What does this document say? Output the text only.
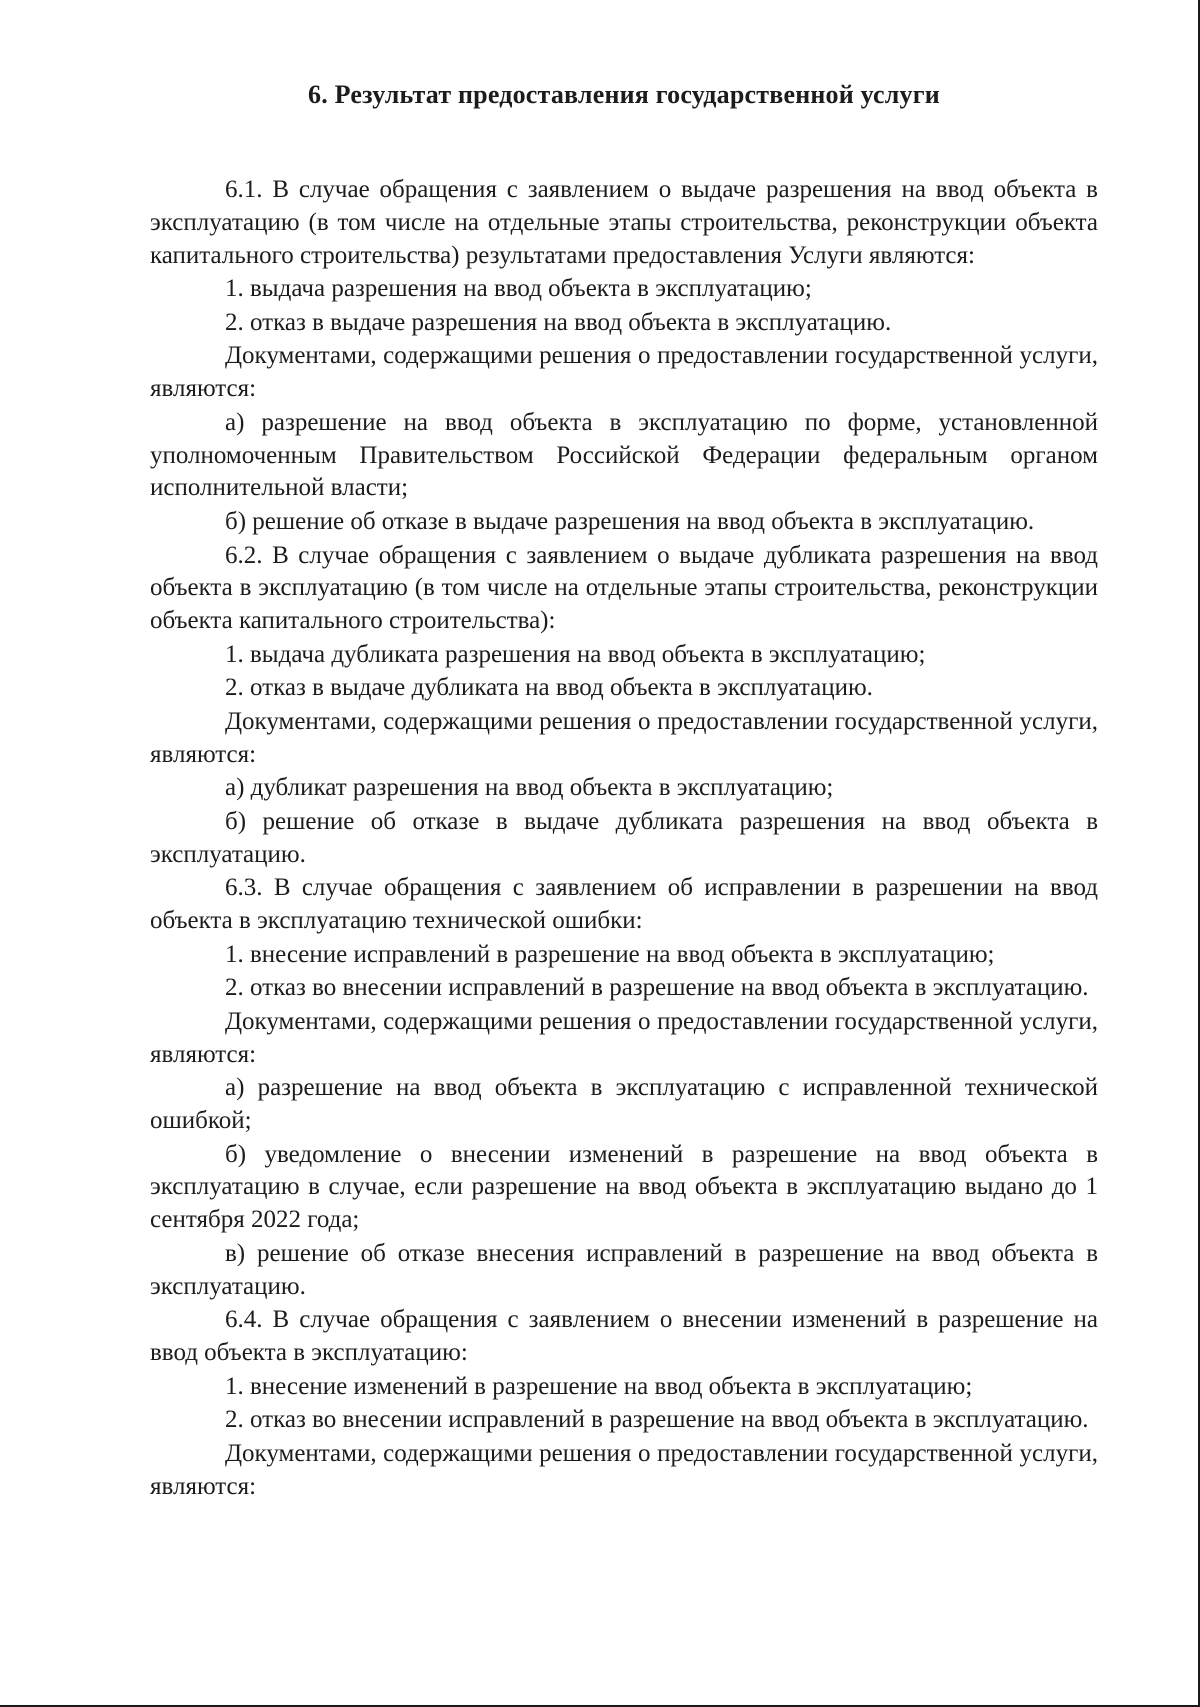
6. Результат предоставления государственной услуги

6.1. В случае обращения с заявлением о выдаче разрешения на ввод объекта в эксплуатацию (в том числе на отдельные этапы строительства, реконструкции объекта капитального строительства) результатами предоставления Услуги являются:

1. выдача разрешения на ввод объекта в эксплуатацию;

2. отказ в выдаче разрешения на ввод объекта в эксплуатацию.

Документами, содержащими решения о предоставлении государственной услуги, являются:

а) разрешение на ввод объекта в эксплуатацию по форме, установленной уполномоченным Правительством Российской Федерации федеральным органом исполнительной власти;

б) решение об отказе в выдаче разрешения на ввод объекта в эксплуатацию.

6.2. В случае обращения с заявлением о выдаче дубликата разрешения на ввод объекта в эксплуатацию (в том числе на отдельные этапы строительства, реконструкции объекта капитального строительства):

1. выдача дубликата разрешения на ввод объекта в эксплуатацию;

2. отказ в выдаче дубликата на ввод объекта в эксплуатацию.

Документами, содержащими решения о предоставлении государственной услуги, являются:

а) дубликат разрешения на ввод объекта в эксплуатацию;

б) решение об отказе в выдаче дубликата разрешения на ввод объекта в эксплуатацию.

6.3. В случае обращения с заявлением об исправлении в разрешении на ввод объекта в эксплуатацию технической ошибки:

1. внесение исправлений в разрешение на ввод объекта в эксплуатацию;

2. отказ во внесении исправлений в разрешение на ввод объекта в эксплуатацию.

Документами, содержащими решения о предоставлении государственной услуги, являются:

а) разрешение на ввод объекта в эксплуатацию с исправленной технической ошибкой;

б) уведомление о внесении изменений в разрешение на ввод объекта в эксплуатацию в случае, если разрешение на ввод объекта в эксплуатацию выдано до 1 сентября 2022 года;

в) решение об отказе внесения исправлений в разрешение на ввод объекта в эксплуатацию.

6.4. В случае обращения с заявлением о внесении изменений в разрешение на ввод объекта в эксплуатацию:

1. внесение изменений в разрешение на ввод объекта в эксплуатацию;

2. отказ во внесении исправлений в разрешение на ввод объекта в эксплуатацию.

Документами, содержащими решения о предоставлении государственной услуги, являются:
